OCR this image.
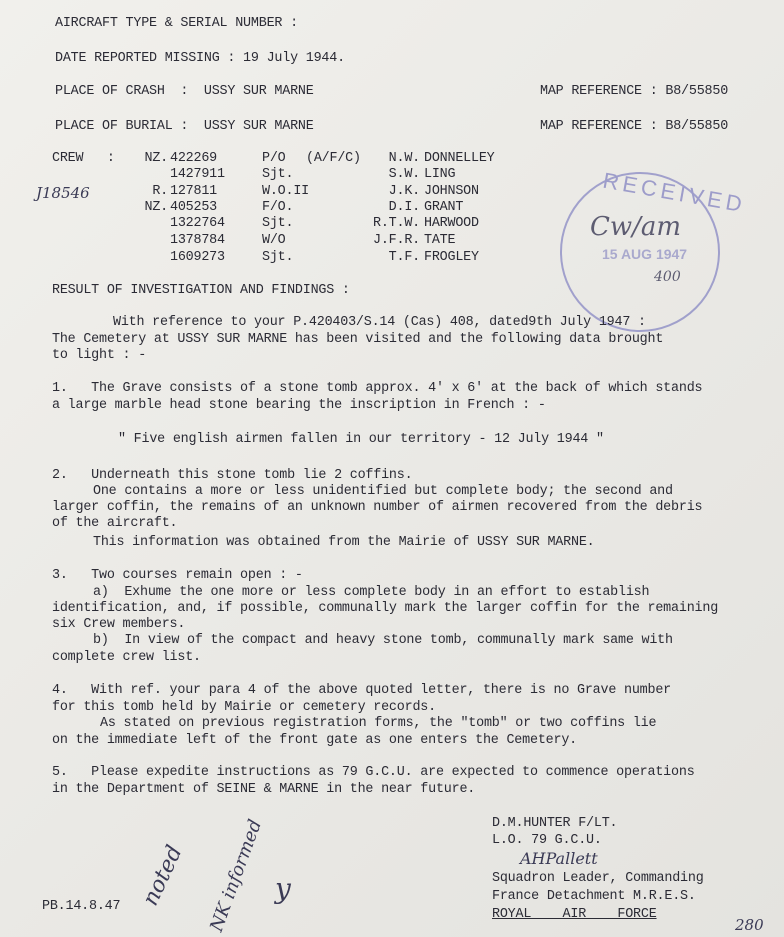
AIRCRAFT TYPE & SERIAL NUMBER :
DATE REPORTED MISSING : 19 July 1944.
PLACE OF CRASH  :  USSY SUR MARNE	MAP REFERENCE : B8/55850
PLACE OF BURIAL :  USSY SUR MARNE	MAP REFERENCE : B8/55850
CREW   :
J18546
NZ. 422269	P/O (A/F/C)	N.W. DONNELLEY
1427911	Sjt.	S.W. LING
R. 127811	W.O.II	J.K. JOHNSON
NZ. 405253	F/O.	D.I. GRANT
1322764	Sjt.	R.T.W. HARWOOD
1378784	W/O	J.F.R. TATE
1609273	Sjt.	T.F. FROGLEY
RECEIVED
Cw/am
15 AUG 1947
400
RESULT OF INVESTIGATION AND FINDINGS :
With reference to your P.420403/S.14 (Cas) 408, dated9th July 1947 :
The Cemetery at USSY SUR MARNE has been visited and the following data brought
to light : -
1.   The Grave consists of a stone tomb approx. 4' x 6' at the back of which stands
a large marble head stone bearing the inscription in French : -
" Five english airmen fallen in our territory - 12 July 1944 "
2.   Underneath this stone tomb lie 2 coffins.
One contains a more or less unidentified but complete body; the second and
larger coffin, the remains of an unknown number of airmen recovered from the debris
of the aircraft.
This information was obtained from the Mairie of USSY SUR MARNE.
3.   Two courses remain open : -
a)  Exhume the one more or less complete body in an effort to establish
identification, and, if possible, communally mark the larger coffin for the remaining
six Crew members.
b)  In view of the compact and heavy stone tomb, communally mark same with
complete crew list.
4.   With ref. your para 4 of the above quoted letter, there is no Grave number
for this tomb held by Mairie or cemetery records.
As stated on previous registration forms, the "tomb" or two coffins lie
on the immediate left of the front gate as one enters the Cemetery.
5.   Please expedite instructions as 79 G.C.U. are expected to commence operations
in the Department of SEINE & MARNE in the near future.
D.M.HUNTER F/LT.
L.O. 79 G.C.U.
AHPallett
Squadron Leader, Commanding
France Detachment M.R.E.S.
ROYAL    AIR    FORCE
PB.14.8.47 noted NK informed y
280
